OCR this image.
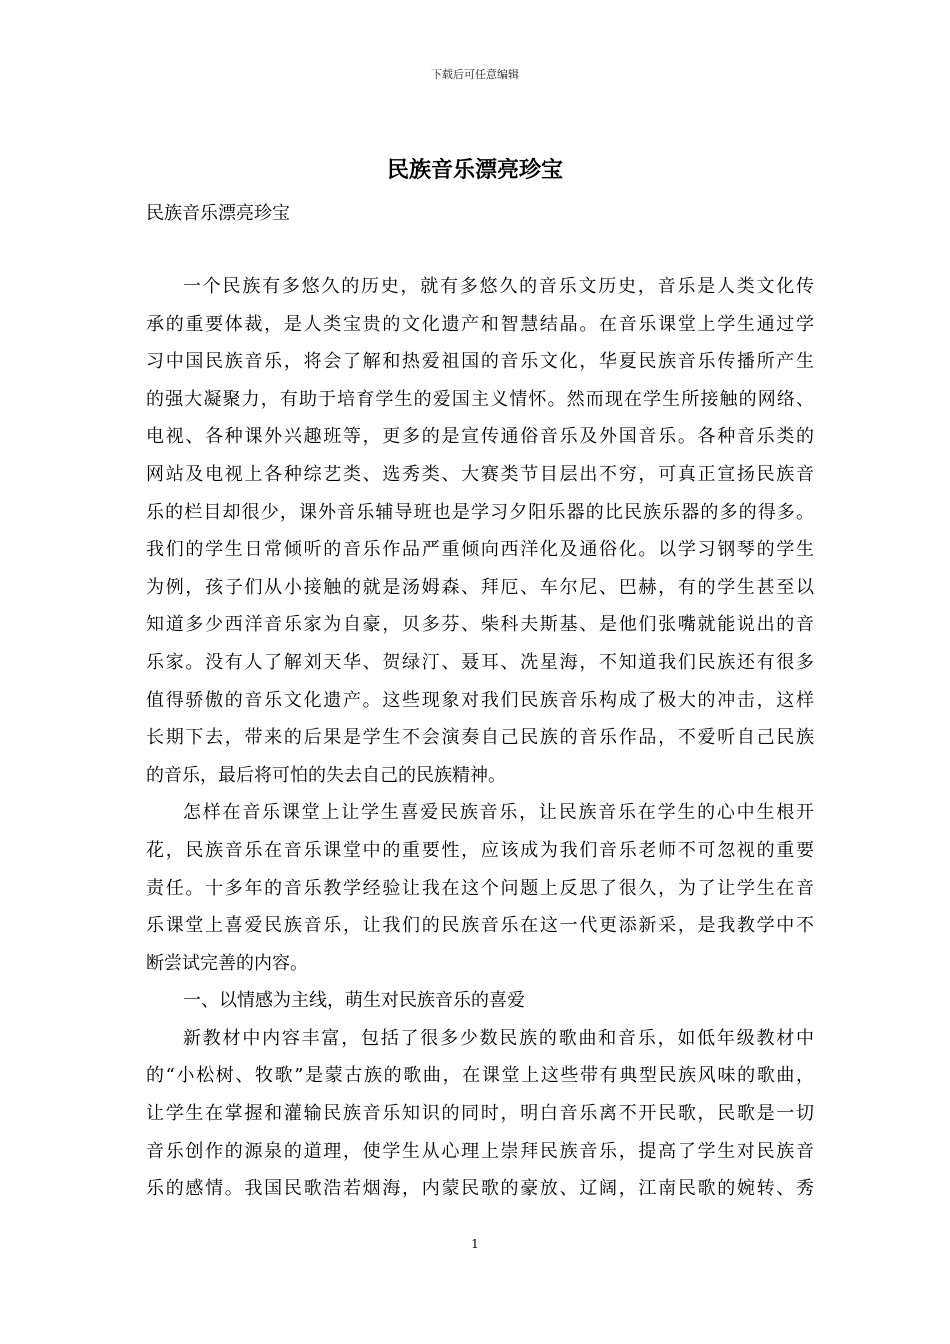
下载后可任意编辑
民族音乐漂亮珍宝
民族音乐漂亮珍宝
一个民族有多悠久的历史，就有多悠久的音乐文历史，音乐是人类文化传
承的重要体裁，是人类宝贵的文化遗产和智慧结晶。在音乐课堂上学生通过学
习中国民族音乐，将会了解和热爱祖国的音乐文化，华夏民族音乐传播所产生
的强大凝聚力，有助于培育学生的爱国主义情怀。然而现在学生所接触的网络、
电视、各种课外兴趣班等，更多的是宣传通俗音乐及外国音乐。各种音乐类的
网站及电视上各种综艺类、选秀类、大赛类节目层出不穷，可真正宣扬民族音
乐的栏目却很少，课外音乐辅导班也是学习夕阳乐器的比民族乐器的多的得多。
我们的学生日常倾听的音乐作品严重倾向西洋化及通俗化。以学习钢琴的学生
为例，孩子们从小接触的就是汤姆森、拜厄、车尔尼、巴赫，有的学生甚至以
知道多少西洋音乐家为自豪，贝多芬、柴科夫斯基、是他们张嘴就能说出的音
乐家。没有人了解刘天华、贺绿汀、聂耳、冼星海，不知道我们民族还有很多
值得骄傲的音乐文化遗产。这些现象对我们民族音乐构成了极大的冲击，这样
长期下去，带来的后果是学生不会演奏自己民族的音乐作品，不爱听自己民族
的音乐，最后将可怕的失去自己的民族精神。
怎样在音乐课堂上让学生喜爱民族音乐，让民族音乐在学生的心中生根开
花，民族音乐在音乐课堂中的重要性，应该成为我们音乐老师不可忽视的重要
责任。十多年的音乐教学经验让我在这个问题上反思了很久，为了让学生在音
乐课堂上喜爱民族音乐，让我们的民族音乐在这一代更添新采，是我教学中不
断尝试完善的内容。
一、以情感为主线，萌生对民族音乐的喜爱
新教材中内容丰富，包括了很多少数民族的歌曲和音乐，如低年级教材中
的“小松树、牧歌”是蒙古族的歌曲，在课堂上这些带有典型民族风味的歌曲，
让学生在掌握和灌输民族音乐知识的同时，明白音乐离不开民歌，民歌是一切
音乐创作的源泉的道理，使学生从心理上崇拜民族音乐，提高了学生对民族音
乐的感情。我国民歌浩若烟海，内蒙民歌的豪放、辽阔，江南民歌的婉转、秀
1
